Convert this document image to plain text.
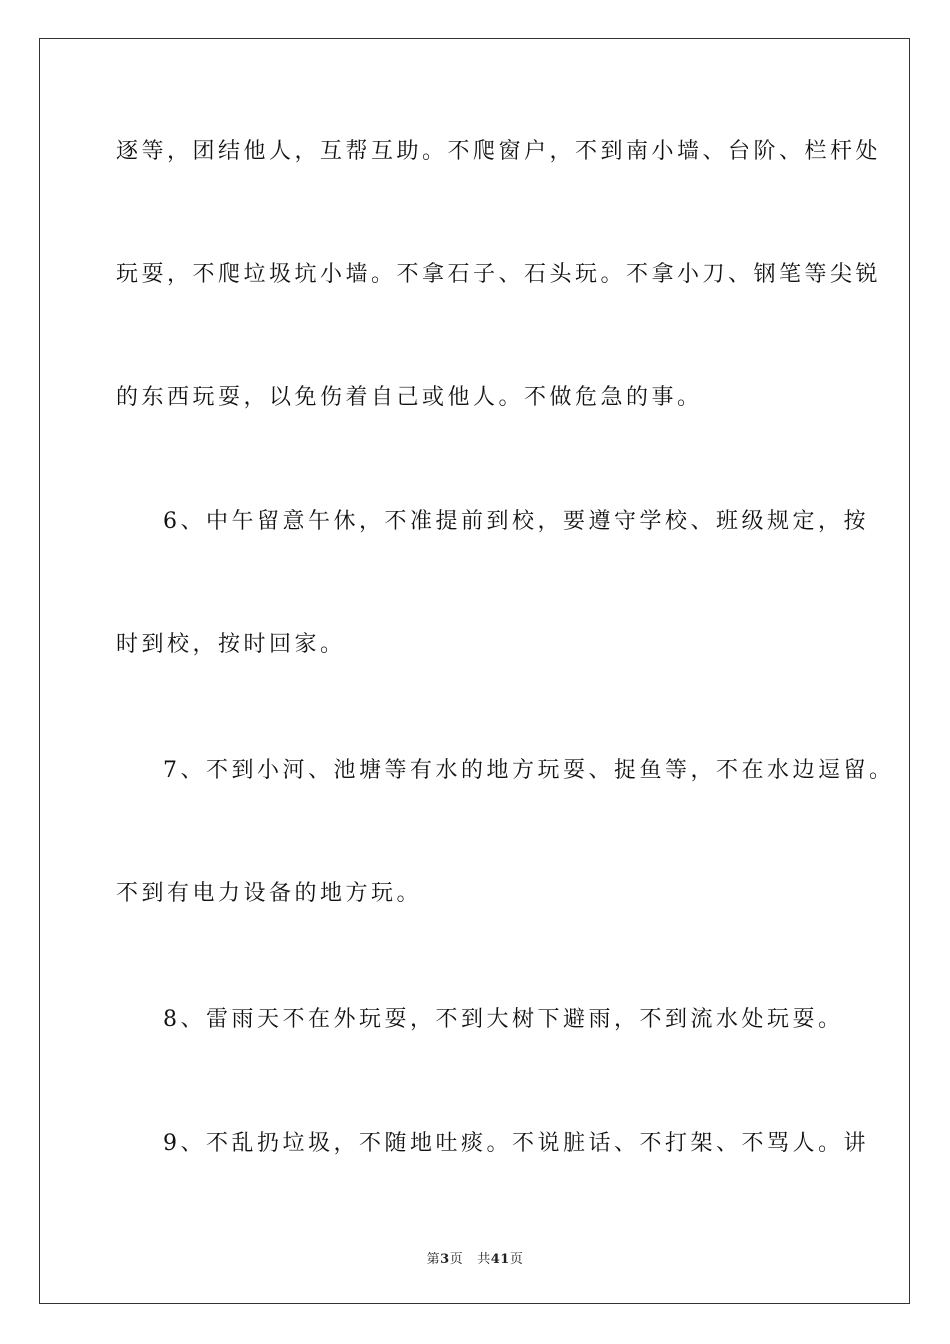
逐等，团结他人，互帮互助。不爬窗户，不到南小墙、台阶、栏杆处
玩耍，不爬垃圾坑小墙。不拿石子、石头玩。不拿小刀、钢笔等尖锐
的东西玩耍，以免伤着自己或他人。不做危急的事。
6、中午留意午休，不准提前到校，要遵守学校、班级规定，按
时到校，按时回家。
7、不到小河、池塘等有水的地方玩耍、捉鱼等，不在水边逗留。
不到有电力设备的地方玩。
8、雷雨天不在外玩耍，不到大树下避雨，不到流水处玩耍。
9、不乱扔垃圾，不随地吐痰。不说脏话、不打架、不骂人。讲
第3页 共41页
